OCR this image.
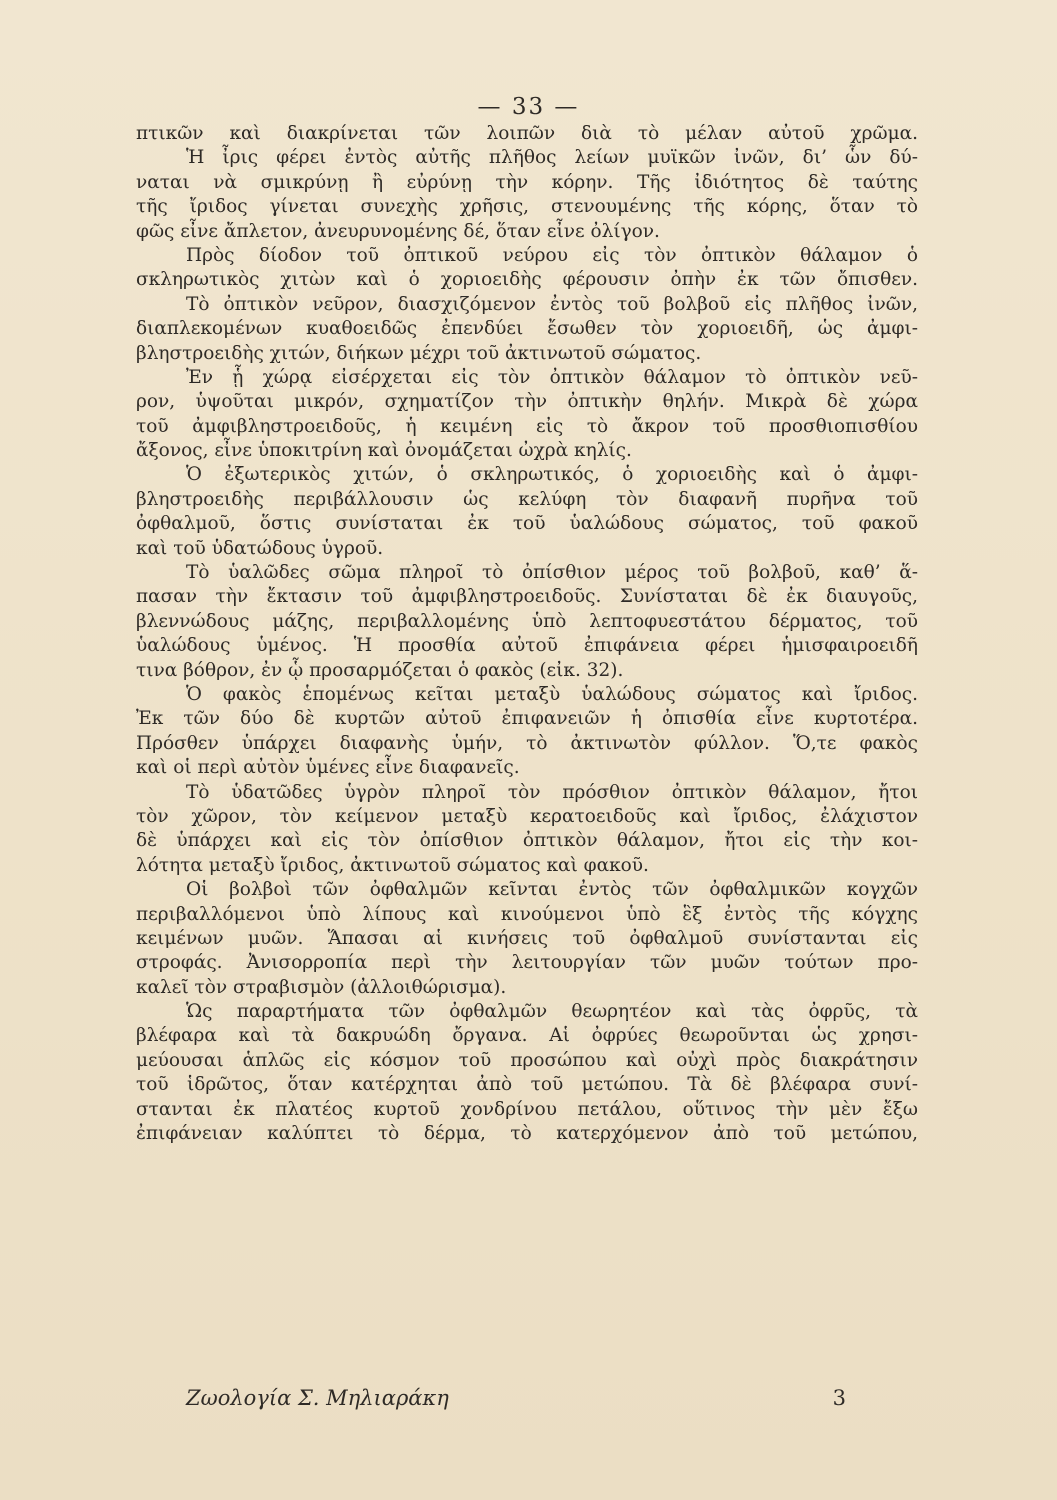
— 33 —
πτικῶν καὶ διακρίνεται τῶν λοιπῶν διὰ τὸ μέλαν αὐτοῦ χρῶμα.
Ἡ ἶρις φέρει ἐντὸς αὐτῆς πλῆθος λείων μυϊκῶν ἰνῶν, δι’ ὧν δύ-
ναται νὰ σμικρύνῃ ἢ εὐρύνῃ τὴν κόρην. Τῆς ἰδιότητος δὲ ταύτης
τῆς ἴριδος γίνεται συνεχὴς χρῆσις, στενουμένης τῆς κόρης, ὅταν τὸ
φῶς εἶνε ἄπλετον, ἀνευρυνομένης δέ, ὅταν εἶνε ὀλίγον.
Πρὸς δίοδον τοῦ ὀπτικοῦ νεύρου εἰς τὸν ὀπτικὸν θάλαμον ὁ
σκληρωτικὸς χιτὼν καὶ ὁ χοριοειδὴς φέρουσιν ὀπὴν ἐκ τῶν ὄπισθεν.
Τὸ ὀπτικὸν νεῦρον, διασχιζόμενον ἐντὸς τοῦ βολβοῦ εἰς πλῆθος ἰνῶν,
διαπλεκομένων κυαθοειδῶς ἐπενδύει ἔσωθεν τὸν χοριοειδῆ, ὡς ἀμφι-
βληστροειδὴς χιτών, διήκων μέχρι τοῦ ἀκτινωτοῦ σώματος.
Ἐν ᾗ χώρᾳ εἰσέρχεται εἰς τὸν ὀπτικὸν θάλαμον τὸ ὀπτικὸν νεῦ-
ρον, ὑψοῦται μικρόν, σχηματίζον τὴν ὀπτικὴν θηλήν. Μικρὰ δὲ χώρα
τοῦ ἀμφιβληστροειδοῦς, ἡ κειμένη εἰς τὸ ἄκρον τοῦ προσθιοπισθίου
ἄξονος, εἶνε ὑποκιτρίνη καὶ ὀνομάζεται ὠχρὰ κηλίς.
Ὁ ἐξωτερικὸς χιτών, ὁ σκληρωτικός, ὁ χοριοειδὴς καὶ ὁ ἀμφι-
βληστροειδὴς περιβάλλουσιν ὡς κελύφη τὸν διαφανῆ πυρῆνα τοῦ
ὀφθαλμοῦ, ὅστις συνίσταται ἐκ τοῦ ὑαλώδους σώματος, τοῦ φακοῦ
καὶ τοῦ ὑδατώδους ὑγροῦ.
Τὸ ὑαλῶδες σῶμα πληροῖ τὸ ὀπίσθιον μέρος τοῦ βολβοῦ, καθ’ ἅ-
πασαν τὴν ἔκτασιν τοῦ ἀμφιβληστροειδοῦς. Συνίσταται δὲ ἐκ διαυγοῦς,
βλεννώδους μάζης, περιβαλλομένης ὑπὸ λεπτοφυεστάτου δέρματος, τοῦ
ὑαλώδους ὑμένος. Ἡ προσθία αὐτοῦ ἐπιφάνεια φέρει ἡμισφαιροειδῆ
τινα βόθρον, ἐν ᾧ προσαρμόζεται ὁ φακὸς (εἰκ. 32).
Ὁ φακὸς ἑπομένως κεῖται μεταξὺ ὑαλώδους σώματος καὶ ἴριδος.
Ἐκ τῶν δύο δὲ κυρτῶν αὐτοῦ ἐπιφανειῶν ἡ ὀπισθία εἶνε κυρτοτέρα.
Πρόσθεν ὑπάρχει διαφανὴς ὑμήν, τὸ ἀκτινωτὸν φύλλον. Ὅ,τε φακὸς
καὶ οἱ περὶ αὐτὸν ὑμένες εἶνε διαφανεῖς.
Τὸ ὑδατῶδες ὑγρὸν πληροῖ τὸν πρόσθιον ὀπτικὸν θάλαμον, ἤτοι
τὸν χῶρον, τὸν κείμενον μεταξὺ κερατοειδοῦς καὶ ἴριδος, ἐλάχιστον
δὲ ὑπάρχει καὶ εἰς τὸν ὀπίσθιον ὀπτικὸν θάλαμον, ἤτοι εἰς τὴν κοι-
λότητα μεταξὺ ἴριδος, ἀκτινωτοῦ σώματος καὶ φακοῦ.
Οἱ βολβοὶ τῶν ὀφθαλμῶν κεῖνται ἐντὸς τῶν ὀφθαλμικῶν κογχῶν
περιβαλλόμενοι ὑπὸ λίπους καὶ κινούμενοι ὑπὸ ἓξ ἐντὸς τῆς κόγχης
κειμένων μυῶν. Ἅπασαι αἱ κινήσεις τοῦ ὀφθαλμοῦ συνίστανται εἰς
στροφάς. Ἀνισορροπία περὶ τὴν λειτουργίαν τῶν μυῶν τούτων προ-
καλεῖ τὸν στραβισμὸν (ἀλλοιθώρισμα).
Ὡς παραρτήματα τῶν ὀφθαλμῶν θεωρητέον καὶ τὰς ὀφρῦς, τὰ
βλέφαρα καὶ τὰ δακρυώδη ὄργανα. Αἱ ὀφρύες θεωροῦνται ὡς χρησι-
μεύουσαι ἁπλῶς εἰς κόσμον τοῦ προσώπου καὶ οὐχὶ πρὸς διακράτησιν
τοῦ ἱδρῶτος, ὅταν κατέρχηται ἀπὸ τοῦ μετώπου. Τὰ δὲ βλέφαρα συνί-
στανται ἐκ πλατέος κυρτοῦ χονδρίνου πετάλου, οὕτινος τὴν μὲν ἔξω
ἐπιφάνειαν καλύπτει τὸ δέρμα, τὸ κατερχόμενον ἀπὸ τοῦ μετώπου,
Ζωολογία Σ. Μηλιαράκη	3
